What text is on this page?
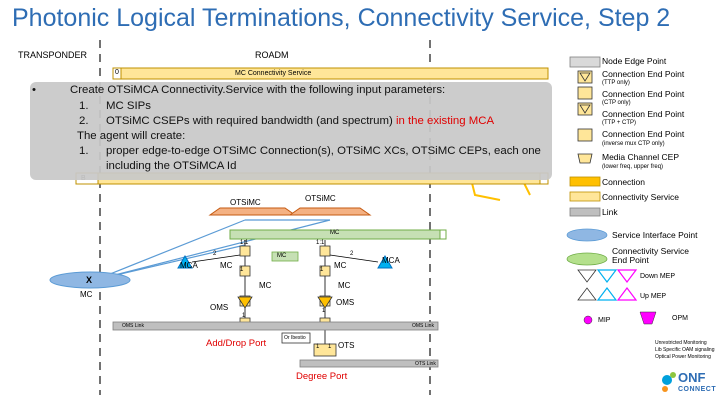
Photonic Logical Terminations, Connectivity Service, Step 2
TRANSPONDER	ROADM
0	MC Connectivity Service
OTSiMC	OTSiMC
MC
1:1	1:1
2	2
MC
MCA
MCA
MC	MC
X
MC
MC	MC
1	1
OMS
OMS
1
1
OMS Link	OMS Link
Or Ibestio
Add/Drop Port	OTS
OTS Link
Degree Port
1 1
•	Create OTSiMCA Connectivity.Service with the following input parameters:
1. MC SIPs
2. OTSiMC CSEPs with required bandwidth (and spectrum) in the existing MCA
The agent will create:
1. proper edge-to-edge OTSiMC Connection(s), OTSiMC XCs, OTSiMC CEPs, each one
including the OTSiMCA Id
Node Edge Point
Connection End Point
(TTP only)
Connection End Point
(CTP only)
Connection End Point
(TTP + CTP)
Connection End Point
(inverse mux CTP only)
Media Channel CEP
(lower freq, upper freq)
Connection
Connectivity Service
Link
Service Interface Point
Connectivity Service
End Point
Down MEP
Up MEP
MIP	OPM
Unrestricted Monitoring
Lib Specific OAM signaling
Optical Power Monitoring
ONF
CONNECT
